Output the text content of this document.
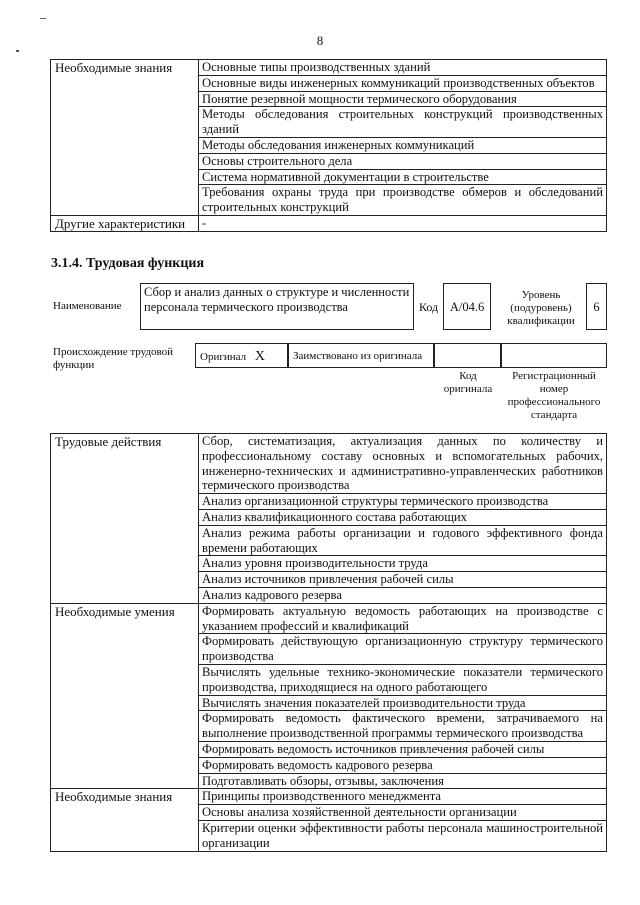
8
Необходимые знания	Основные типы производственных зданий
	Основные виды инженерных коммуникаций производственных объектов
	Понятие резервной мощности термического оборудования
	Методы обследования строительных конструкций производственных зданий
	Методы обследования инженерных коммуникаций
	Основы строительного дела
	Система нормативной документации в строительстве
	Требования охраны труда при производстве обмеров и обследований строительных конструкций
Другие характеристики	-
3.1.4. Трудовая функция
Наименование
Сбор и анализ данных о структуре и численности персонала термического производства	Код А/04.6
Уровень (подуровень) квалификации
6
Происхождение трудовой функции
Оригинал X	Заимствовано из оригинала
Код оригинала
Регистрационный номер профессионального стандарта
Трудовые действия	Сбор, систематизация, актуализация данных по количеству и профессиональному составу основных и вспомогательных рабочих, инженерно-технических и административно-управленческих работников термического производства
	Анализ организационной структуры термического производства
	Анализ квалификационного состава работающих
	Анализ режима работы организации и годового эффективного фонда времени работающих
	Анализ уровня производительности труда
	Анализ источников привлечения рабочей силы
	Анализ кадрового резерва
Необходимые умения	Формировать актуальную ведомость работающих на производстве с указанием профессий и квалификаций
	Формировать действующую организационную структуру термического производства
	Вычислять удельные технико-экономические показатели термического производства, приходящиеся на одного работающего
	Вычислять значения показателей производительности труда
	Формировать ведомость фактического времени, затрачиваемого на выполнение производственной программы термического производства
	Формировать ведомость источников привлечения рабочей силы
	Формировать ведомость кадрового резерва
	Подготавливать обзоры, отзывы, заключения
Необходимые знания	Принципы производственного менеджмента
	Основы анализа хозяйственной деятельности организации
	Критерии оценки эффективности работы персонала машиностроительной организации
